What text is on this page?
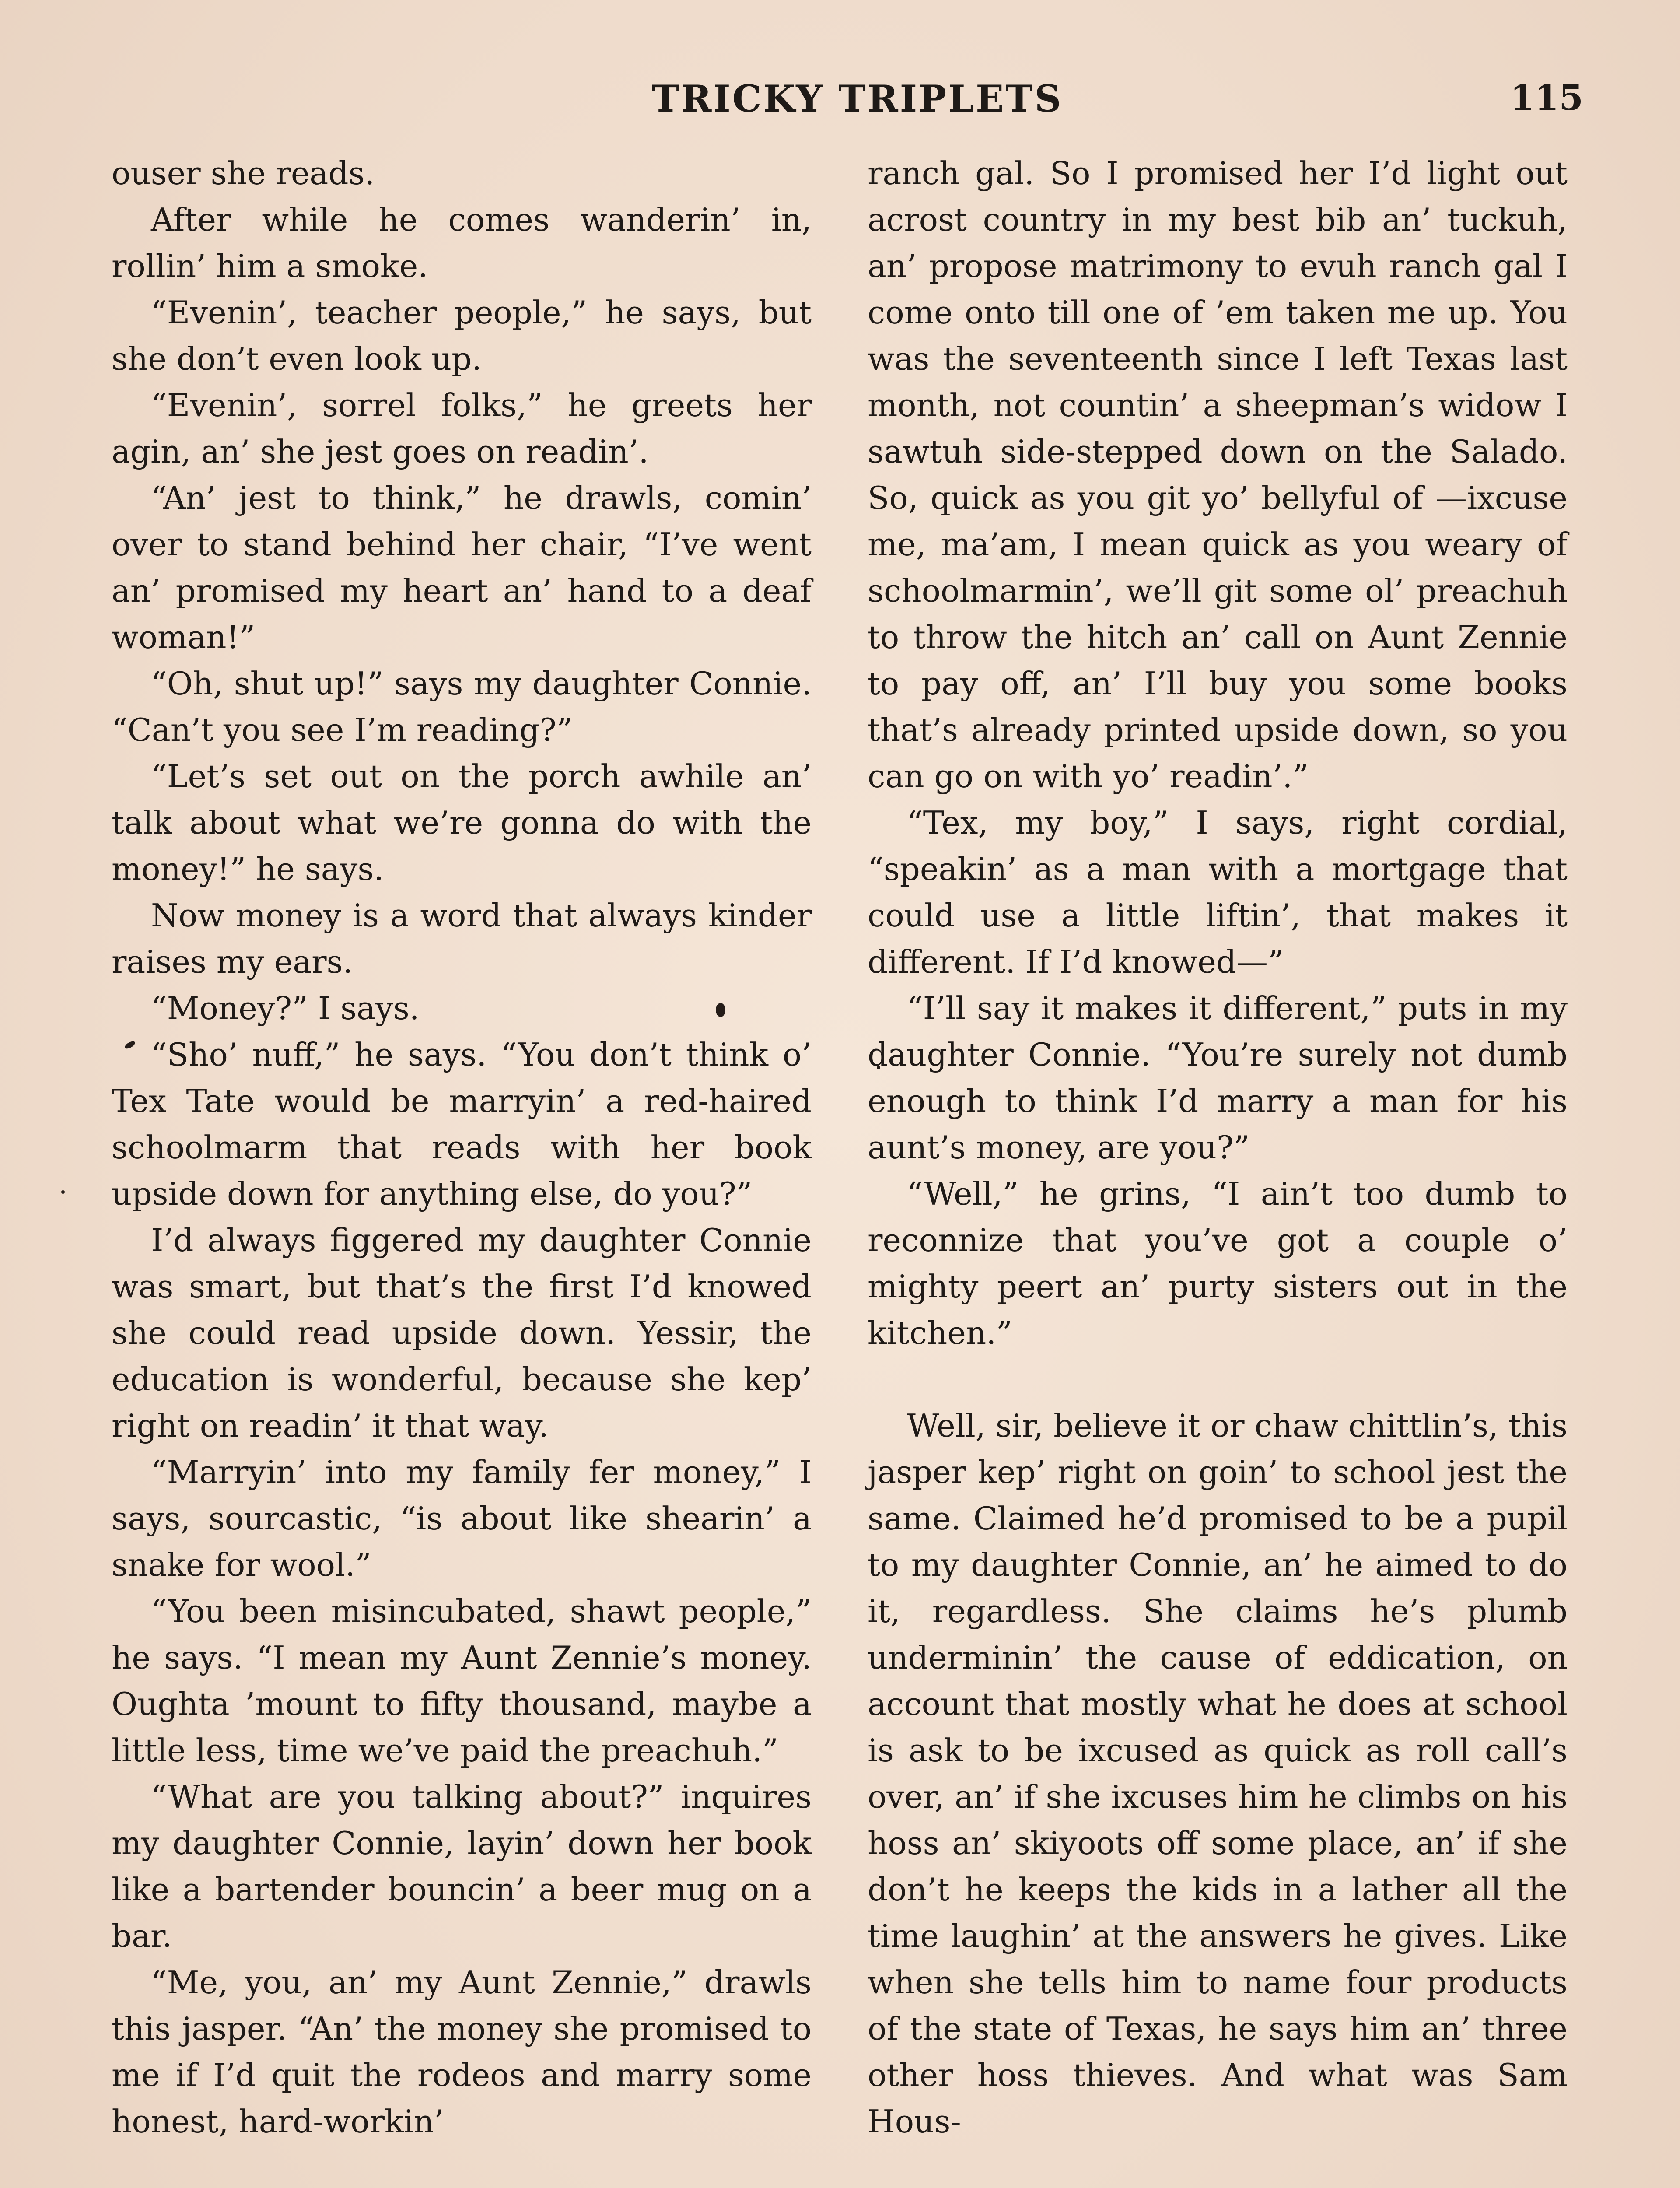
TRICKY TRIPLETS	115

ouser she reads.

After while he comes wanderin’ in, rollin’ him a smoke.

“Evenin’, teacher people,” he says, but she don’t even look up.

“Evenin’, sorrel folks,” he greets her agin, an’ she jest goes on readin’.

“An’ jest to think,” he drawls, comin’ over to stand behind her chair, “I’ve went an’ promised my heart an’ hand to a deaf woman!”

“Oh, shut up!” says my daughter Connie. “Can’t you see I’m reading?”

“Let’s set out on the porch awhile an’ talk about what we’re gonna do with the money!” he says.

Now money is a word that always kinder raises my ears.

“Money?” I says.

“Sho’ nuff,” he says. “You don’t think o’ Tex Tate would be marryin’ a red-haired schoolmarm that reads with her book upside down for anything else, do you?”

I’d always figgered my daughter Connie was smart, but that’s the first I’d knowed she could read upside down. Yessir, the education is wonderful, because she kep’ right on readin’ it that way.

“Marryin’ into my family fer money,” I says, sourcastic, “is about like shearin’ a snake for wool.”

“You been misincubated, shawt people,” he says. “I mean my Aunt Zennie’s money. Oughta ’mount to fifty thousand, maybe a little less, time we’ve paid the preachuh.”

“What are you talking about?” inquires my daughter Connie, layin’ down her book like a bartender bouncin’ a beer mug on a bar.

“Me, you, an’ my Aunt Zennie,” drawls this jasper. “An’ the money she promised to me if I’d quit the rodeos and marry some honest, hard-workin’

ranch gal. So I promised her I’d light out acrost country in my best bib an’ tuckuh, an’ propose matrimony to evuh ranch gal I come onto till one of ’em taken me up. You was the seventeenth since I left Texas last month, not countin’ a sheepman’s widow I sawtuh side-stepped down on the Salado. So, quick as you git yo’ bellyful of —ixcuse me, ma’am, I mean quick as you weary of schoolmarmin’, we’ll git some ol’ preachuh to throw the hitch an’ call on Aunt Zennie to pay off, an’ I’ll buy you some books that’s already printed upside down, so you can go on with yo’ readin’.”

“Tex, my boy,” I says, right cordial, “speakin’ as a man with a mortgage that could use a little liftin’, that makes it different. If I’d knowed—”

“I’ll say it makes it different,” puts in my daughter Connie. “You’re surely not dumb enough to think I’d marry a man for his aunt’s money, are you?”

“Well,” he grins, “I ain’t too dumb to reconnize that you’ve got a couple o’ mighty peert an’ purty sisters out in the kitchen.”

Well, sir, believe it or chaw chittlin’s, this jasper kep’ right on goin’ to school jest the same. Claimed he’d promised to be a pupil to my daughter Connie, an’ he aimed to do it, regardless. She claims he’s plumb underminin’ the cause of eddication, on account that mostly what he does at school is ask to be ixcused as quick as roll call’s over, an’ if she ixcuses him he climbs on his hoss an’ skiyoots off some place, an’ if she don’t he keeps the kids in a lather all the time laughin’ at the answers he gives. Like when she tells him to name four products of the state of Texas, he says him an’ three other hoss thieves. And what was Sam Hous-
